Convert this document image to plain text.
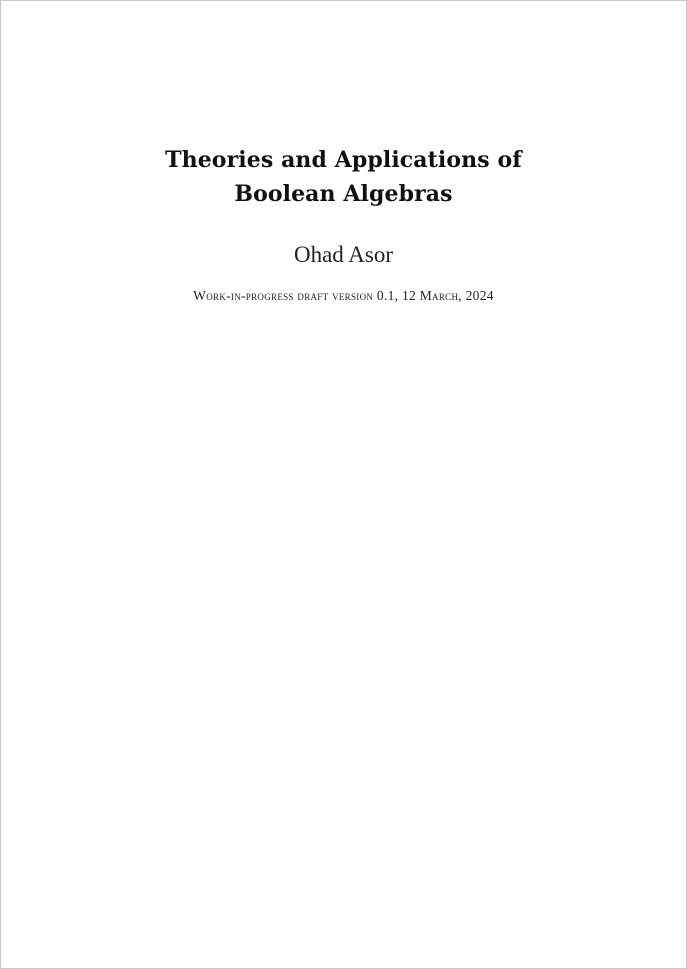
Theories and Applications of
Boolean Algebras
Ohad Asor
Work-in-progress draft version 0.1, 12 March, 2024
